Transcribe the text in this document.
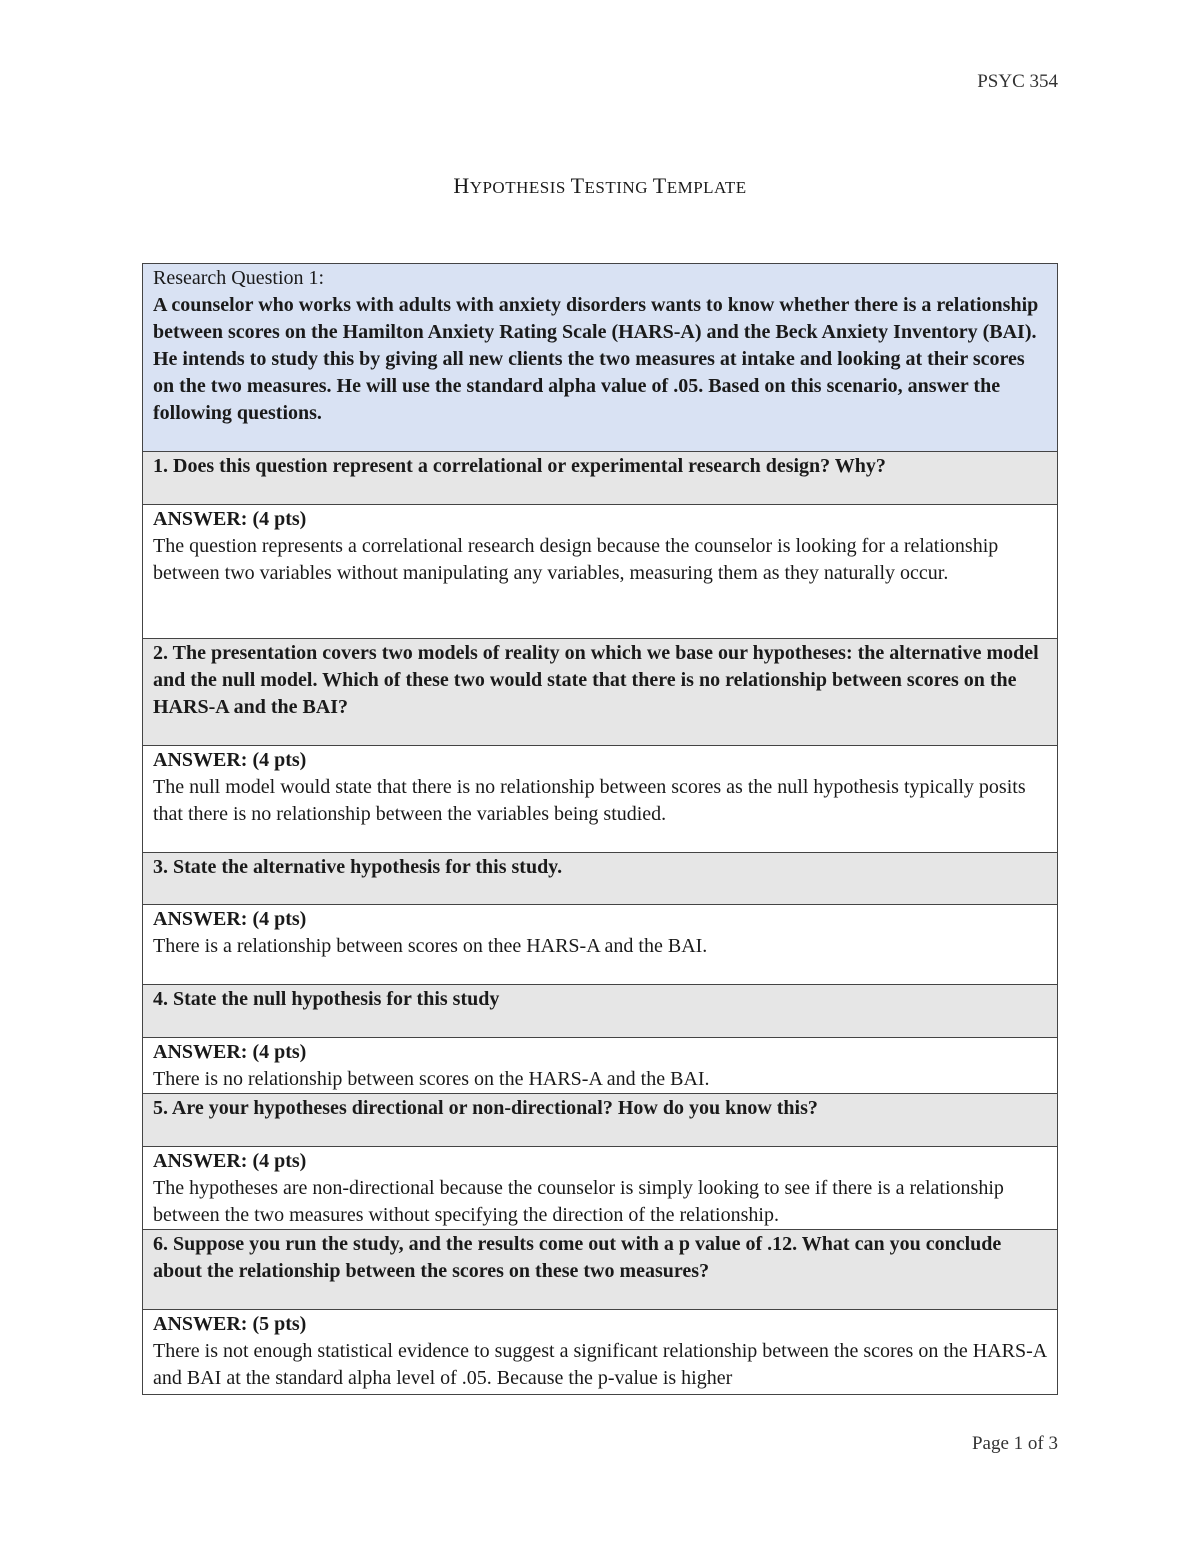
PSYC 354
HYPOTHESIS TESTING TEMPLATE
Research Question 1:
A counselor who works with adults with anxiety disorders wants to know whether there is a relationship between scores on the Hamilton Anxiety Rating Scale (HARS-A) and the Beck Anxiety Inventory (BAI). He intends to study this by giving all new clients the two measures at intake and looking at their scores on the two measures. He will use the standard alpha value of .05. Based on this scenario, answer the following questions.

1. Does this question represent a correlational or experimental research design? Why?

ANSWER: (4 pts)
The question represents a correlational research design because the counselor is looking for a relationship between two variables without manipulating any variables, measuring them as they naturally occur.

2. The presentation covers two models of reality on which we base our hypotheses: the alternative model and the null model. Which of these two would state that there is no relationship between scores on the HARS-A and the BAI?

ANSWER: (4 pts)
The null model would state that there is no relationship between scores as the null hypothesis typically posits that there is no relationship between the variables being studied.

3. State the alternative hypothesis for this study.

ANSWER: (4 pts)
There is a relationship between scores on thee HARS-A and the BAI.

4. State the null hypothesis for this study

ANSWER: (4 pts)
There is no relationship between scores on the HARS-A and the BAI.

5. Are your hypotheses directional or non-directional? How do you know this?

ANSWER: (4 pts)
The hypotheses are non-directional because the counselor is simply looking to see if there is a relationship between the two measures without specifying the direction of the relationship.

6. Suppose you run the study, and the results come out with a p value of .12. What can you conclude about the relationship between the scores on these two measures?

ANSWER: (5 pts)
There is not enough statistical evidence to suggest a significant relationship between the scores on the HARS-A and BAI at the standard alpha level of .05. Because the p-value is higher
Page 1 of 3
